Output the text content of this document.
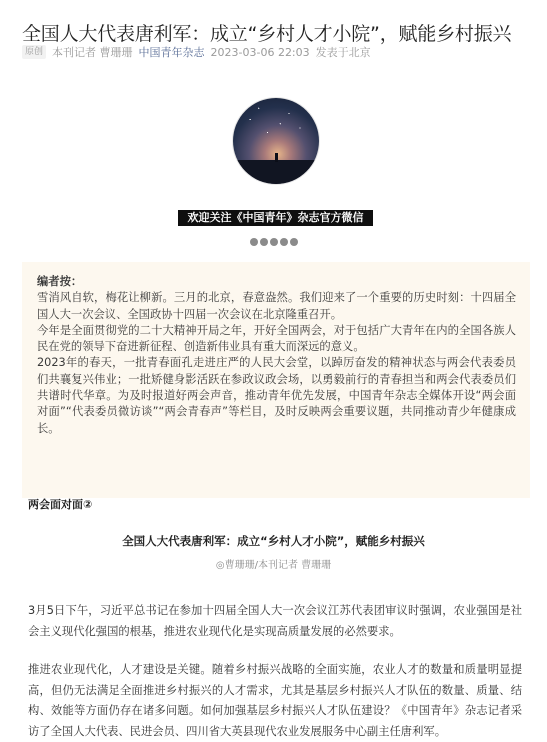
全国人大代表唐利军：成立“乡村人才小院”，赋能乡村振兴
原创 本刊记者 曹珊珊 中国青年杂志 2023-03-06 22:03 发表于北京
欢迎关注《中国青年》杂志官方微信
编者按：

雪消风自软，梅花让柳新。三月的北京，春意盎然。我们迎来了一个重要的历史时刻：十四届全国人大一次会议、全国政协十四届一次会议在北京隆重召开。

今年是全面贯彻党的二十大精神开局之年，开好全国两会，对于包括广大青年在内的全国各族人民在党的领导下奋进新征程、创造新伟业具有重大而深远的意义。

2023年的春天，一批青春面孔走进庄严的人民大会堂，以踔厉奋发的精神状态与两会代表委员们共襄复兴伟业；一批矫健身影活跃在参政议政会场，以勇毅前行的青春担当和两会代表委员们共谱时代华章。为及时报道好两会声音，推动青年优先发展，中国青年杂志全媒体开设“两会面对面”“代表委员微访谈”“两会青春声”等栏目，及时反映两会重要议题，共同推动青少年健康成长。

两会面对面②
全国人大代表唐利军：成立“乡村人才小院”，赋能乡村振兴
◎曹珊珊/本刊记者 曹珊珊

3月5日下午，习近平总书记在参加十四届全国人大一次会议江苏代表团审议时强调，农业强国是社会主义现代化强国的根基，推进农业现代化是实现高质量发展的必然要求。

推进农业现代化，人才建设是关键。随着乡村振兴战略的全面实施，农业人才的数量和质量明显提高，但仍无法满足全面推进乡村振兴的人才需求，尤其是基层乡村振兴人才队伍的数量、质量、结构、效能等方面仍存在诸多问题。如何加强基层乡村振兴人才队伍建设？《中国青年》杂志记者采访了全国人大代表、民进会员、四川省大英县现代农业发展服务中心副主任唐利军。
